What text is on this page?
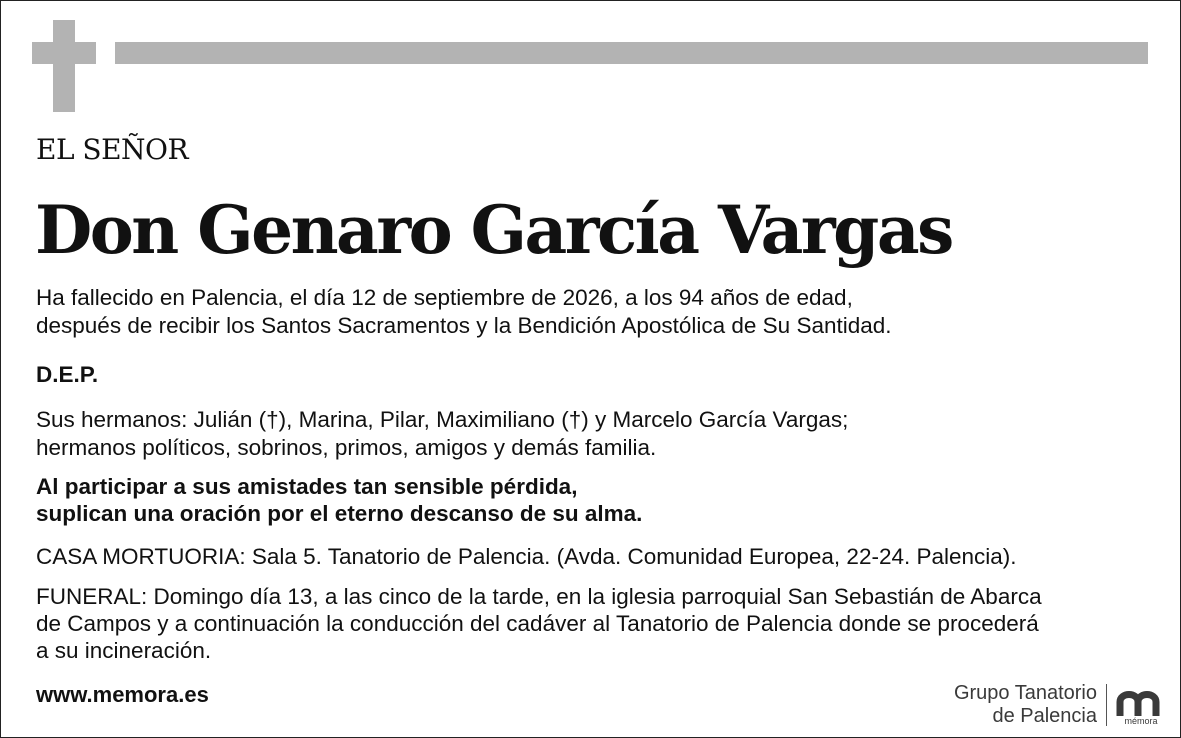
EL SEÑOR

Don Genaro García Vargas

Ha fallecido en Palencia, el día 12 de septiembre de 2026, a los 94 años de edad,

después de recibir los Santos Sacramentos y la Bendición Apostólica de Su Santidad.

D.E.P.

Sus hermanos: Julián (†), Marina, Pilar, Maximiliano (†) y Marcelo García Vargas;

hermanos políticos, sobrinos, primos, amigos y demás familia.

Al participar a sus amistades tan sensible pérdida,

suplican una oración por el eterno descanso de su alma.

CASA MORTUORIA: Sala 5. Tanatorio de Palencia. (Avda. Comunidad Europea, 22-24. Palencia).

FUNERAL: Domingo día 13, a las cinco de la tarde, en la iglesia parroquial San Sebastián de Abarca

de Campos y a continuación la conducción del cadáver al Tanatorio de Palencia donde se procederá

a su incineración.

www.memora.es	Grupo Tanatorio
de Palencia	mémora
